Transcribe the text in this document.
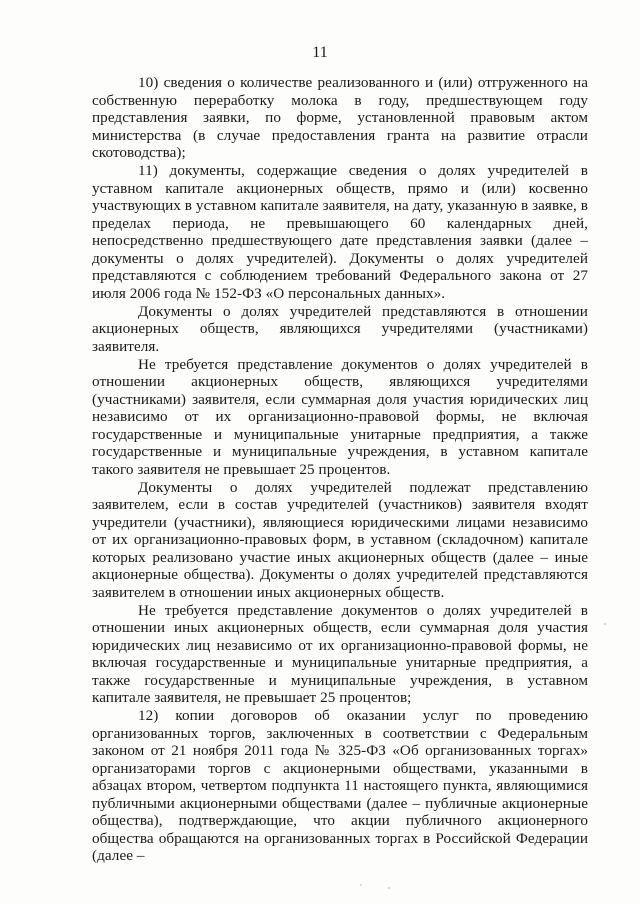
11

10) сведения о количестве реализованного и (или) отгруженного на собственную переработку молока в году, предшествующем году представления заявки, по форме, установленной правовым актом министерства (в случае предоставления гранта на развитие отрасли скотоводства);

11) документы, содержащие сведения о долях учредителей в уставном капитале акционерных обществ, прямо и (или) косвенно участвующих в уставном капитале заявителя, на дату, указанную в заявке, в пределах периода, не превышающего 60 календарных дней, непосредственно предшествующего дате представления заявки (далее – документы о долях учредителей). Документы о долях учредителей представляются с соблюдением требований Федерального закона от 27 июля 2006 года № 152-ФЗ «О персональных данных».

Документы о долях учредителей представляются в отношении акционерных обществ, являющихся учредителями (участниками) заявителя.

Не требуется представление документов о долях учредителей в отношении акционерных обществ, являющихся учредителями (участниками) заявителя, если суммарная доля участия юридических лиц независимо от их организационно-правовой формы, не включая государственные и муниципальные унитарные предприятия, а также государственные и муниципальные учреждения, в уставном капитале такого заявителя не превышает 25 процентов.

Документы о долях учредителей подлежат представлению заявителем, если в состав учредителей (участников) заявителя входят учредители (участники), являющиеся юридическими лицами независимо от их организационно-правовых форм, в уставном (складочном) капитале которых реализовано участие иных акционерных обществ (далее – иные акционерные общества). Документы о долях учредителей представляются заявителем в отношении иных акционерных обществ.

Не требуется представление документов о долях учредителей в отношении иных акционерных обществ, если суммарная доля участия юридических лиц независимо от их организационно-правовой формы, не включая государственные и муниципальные унитарные предприятия, а также государственные и муниципальные учреждения, в уставном капитале заявителя, не превышает 25 процентов;

12) копии договоров об оказании услуг по проведению организованных торгов, заключенных в соответствии с Федеральным законом от 21 ноября 2011 года № 325-ФЗ «Об организованных торгах» организаторами торгов с акционерными обществами, указанными в абзацах втором, четвертом подпункта 11 настоящего пункта, являющимися публичными акционерными обществами (далее – публичные акционерные общества), подтверждающие, что акции публичного акционерного общества обращаются на организованных торгах в Российской Федерации (далее –
